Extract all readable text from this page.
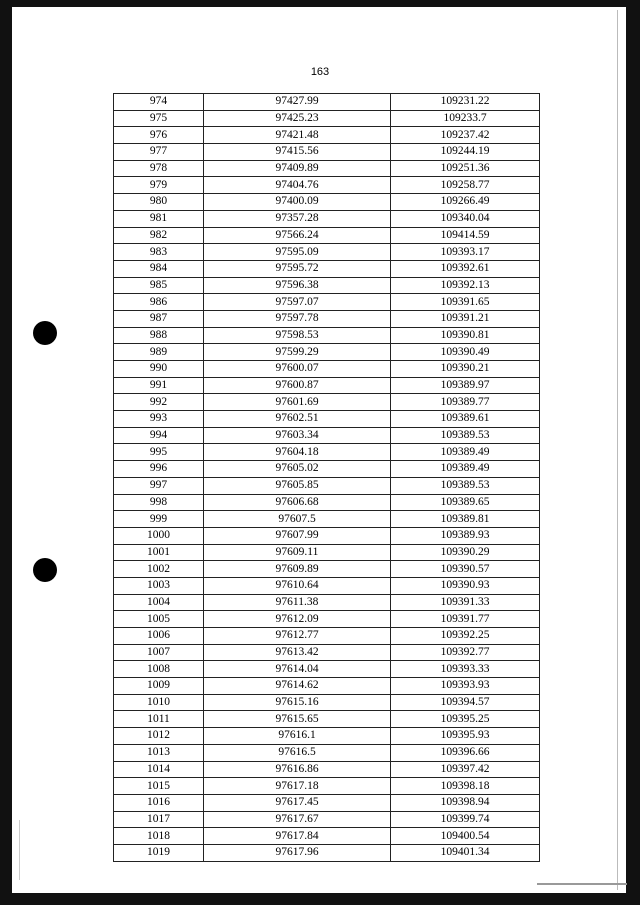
163
974	97427.99	109231.22
975	97425.23	109233.7
976	97421.48	109237.42
977	97415.56	109244.19
978	97409.89	109251.36
979	97404.76	109258.77
980	97400.09	109266.49
981	97357.28	109340.04
982	97566.24	109414.59
983	97595.09	109393.17
984	97595.72	109392.61
985	97596.38	109392.13
986	97597.07	109391.65
987	97597.78	109391.21
988	97598.53	109390.81
989	97599.29	109390.49
990	97600.07	109390.21
991	97600.87	109389.97
992	97601.69	109389.77
993	97602.51	109389.61
994	97603.34	109389.53
995	97604.18	109389.49
996	97605.02	109389.49
997	97605.85	109389.53
998	97606.68	109389.65
999	97607.5	109389.81
1000	97607.99	109389.93
1001	97609.11	109390.29
1002	97609.89	109390.57
1003	97610.64	109390.93
1004	97611.38	109391.33
1005	97612.09	109391.77
1006	97612.77	109392.25
1007	97613.42	109392.77
1008	97614.04	109393.33
1009	97614.62	109393.93
1010	97615.16	109394.57
1011	97615.65	109395.25
1012	97616.1	109395.93
1013	97616.5	109396.66
1014	97616.86	109397.42
1015	97617.18	109398.18
1016	97617.45	109398.94
1017	97617.67	109399.74
1018	97617.84	109400.54
1019	97617.96	109401.34
